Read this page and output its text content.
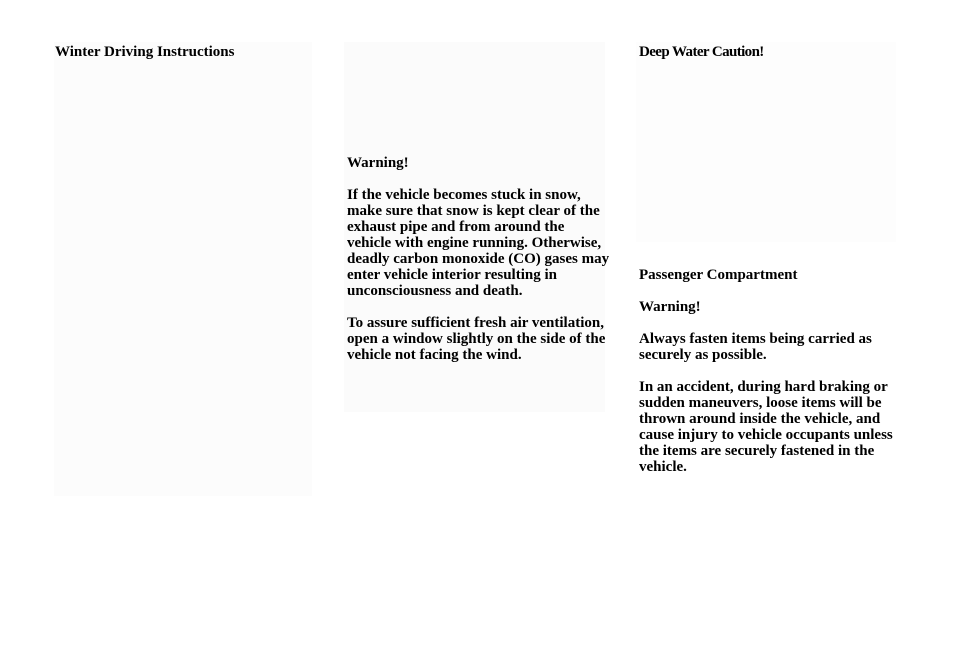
Winter Driving Instructions	Deep Water Caution!

Warning!

If the vehicle becomes stuck in snow, make sure that snow is kept clear of the exhaust pipe and from around the vehicle with engine running. Otherwise, deadly carbon monoxide (CO) gases may enter vehicle interior resulting in unconsciousness and death.

To assure sufficient fresh air ventilation, open a window slightly on the side of the vehicle not facing the wind.

Passenger Compartment

Warning!

Always fasten items being carried as securely as possible.

In an accident, during hard braking or sudden maneuvers, loose items will be thrown around inside the vehicle, and cause injury to vehicle occupants unless the items are securely fastened in the vehicle.
